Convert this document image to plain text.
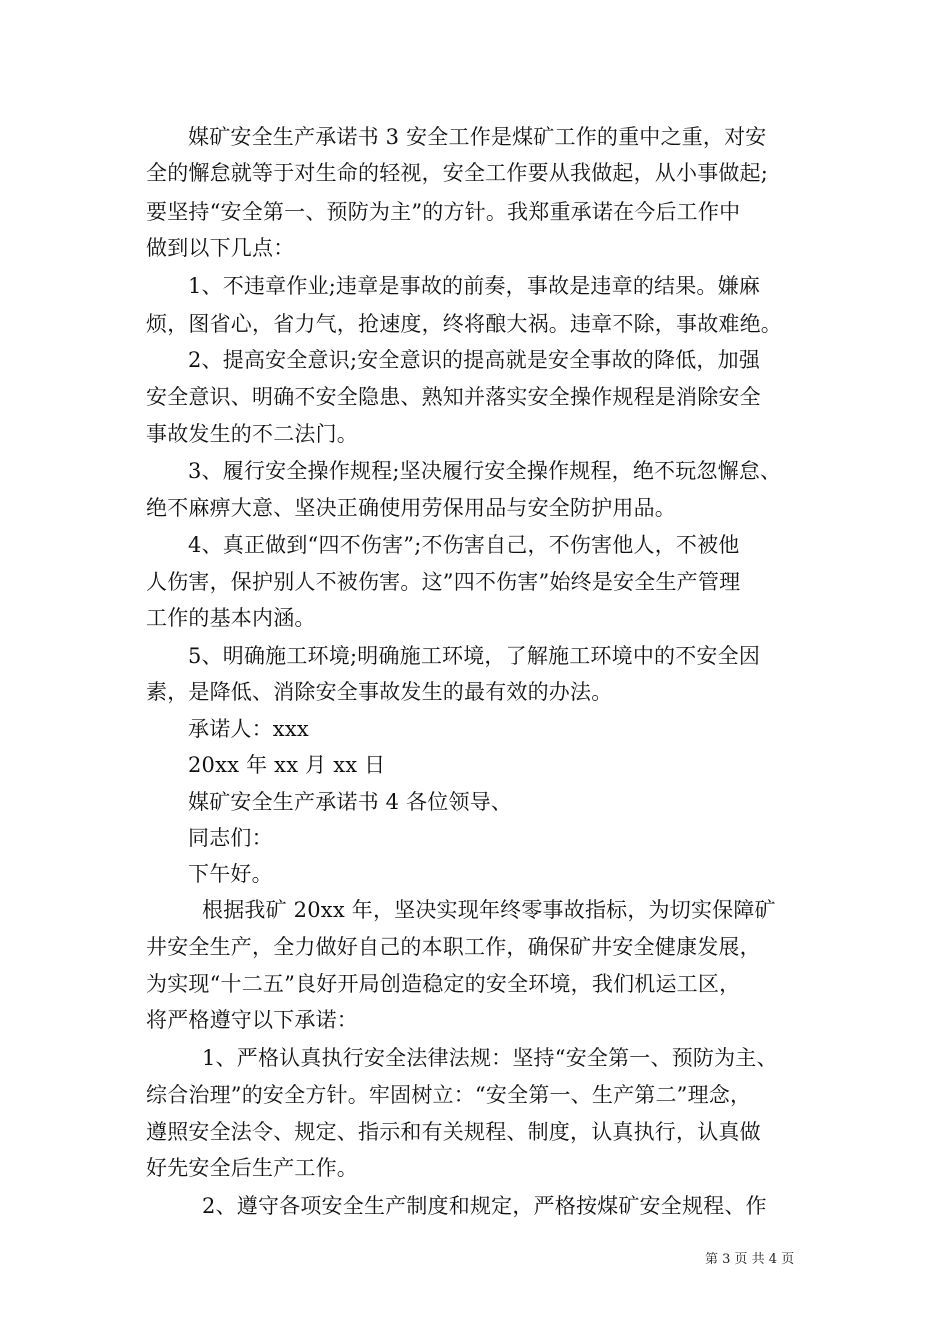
媒矿安全生产承诺书 3 安全工作是煤矿工作的重中之重，对安
全的懈怠就等于对生命的轻视，安全工作要从我做起，从小事做起;
要坚持“安全第一、预防为主”的方针。我郑重承诺在今后工作中
做到以下几点：
1、不违章作业;违章是事故的前奏，事故是违章的结果。嫌麻
烦，图省心，省力气，抢速度，终将酿大祸。违章不除，事故难绝。
2、提高安全意识;安全意识的提高就是安全事故的降低，加强
安全意识、明确不安全隐患、熟知并落实安全操作规程是消除安全
事故发生的不二法门。
3、履行安全操作规程;坚决履行安全操作规程，绝不玩忽懈怠、
绝不麻痹大意、坚决正确使用劳保用品与安全防护用品。
4、真正做到“四不伤害”;不伤害自己，不伤害他人，不被他
人伤害，保护别人不被伤害。这”四不伤害”始终是安全生产管理
工作的基本内涵。
5、明确施工环境;明确施工环境，了解施工环境中的不安全因
素，是降低、消除安全事故发生的最有效的办法。
承诺人：xxx
20xx 年 xx 月 xx 日
媒矿安全生产承诺书 4 各位领导、
同志们：
下午好。
根据我矿 20xx 年，坚决实现年终零事故指标，为切实保障矿
井安全生产，全力做好自己的本职工作，确保矿井安全健康发展，
为实现“十二五”良好开局创造稳定的安全环境，我们机运工区，
将严格遵守以下承诺：
1、严格认真执行安全法律法规：坚持“安全第一、预防为主、
综合治理”的安全方针。牢固树立：“安全第一、生产第二”理念，
遵照安全法令、规定、指示和有关规程、制度，认真执行，认真做
好先安全后生产工作。
2、遵守各项安全生产制度和规定，严格按煤矿安全规程、作
第 3 页 共 4 页
